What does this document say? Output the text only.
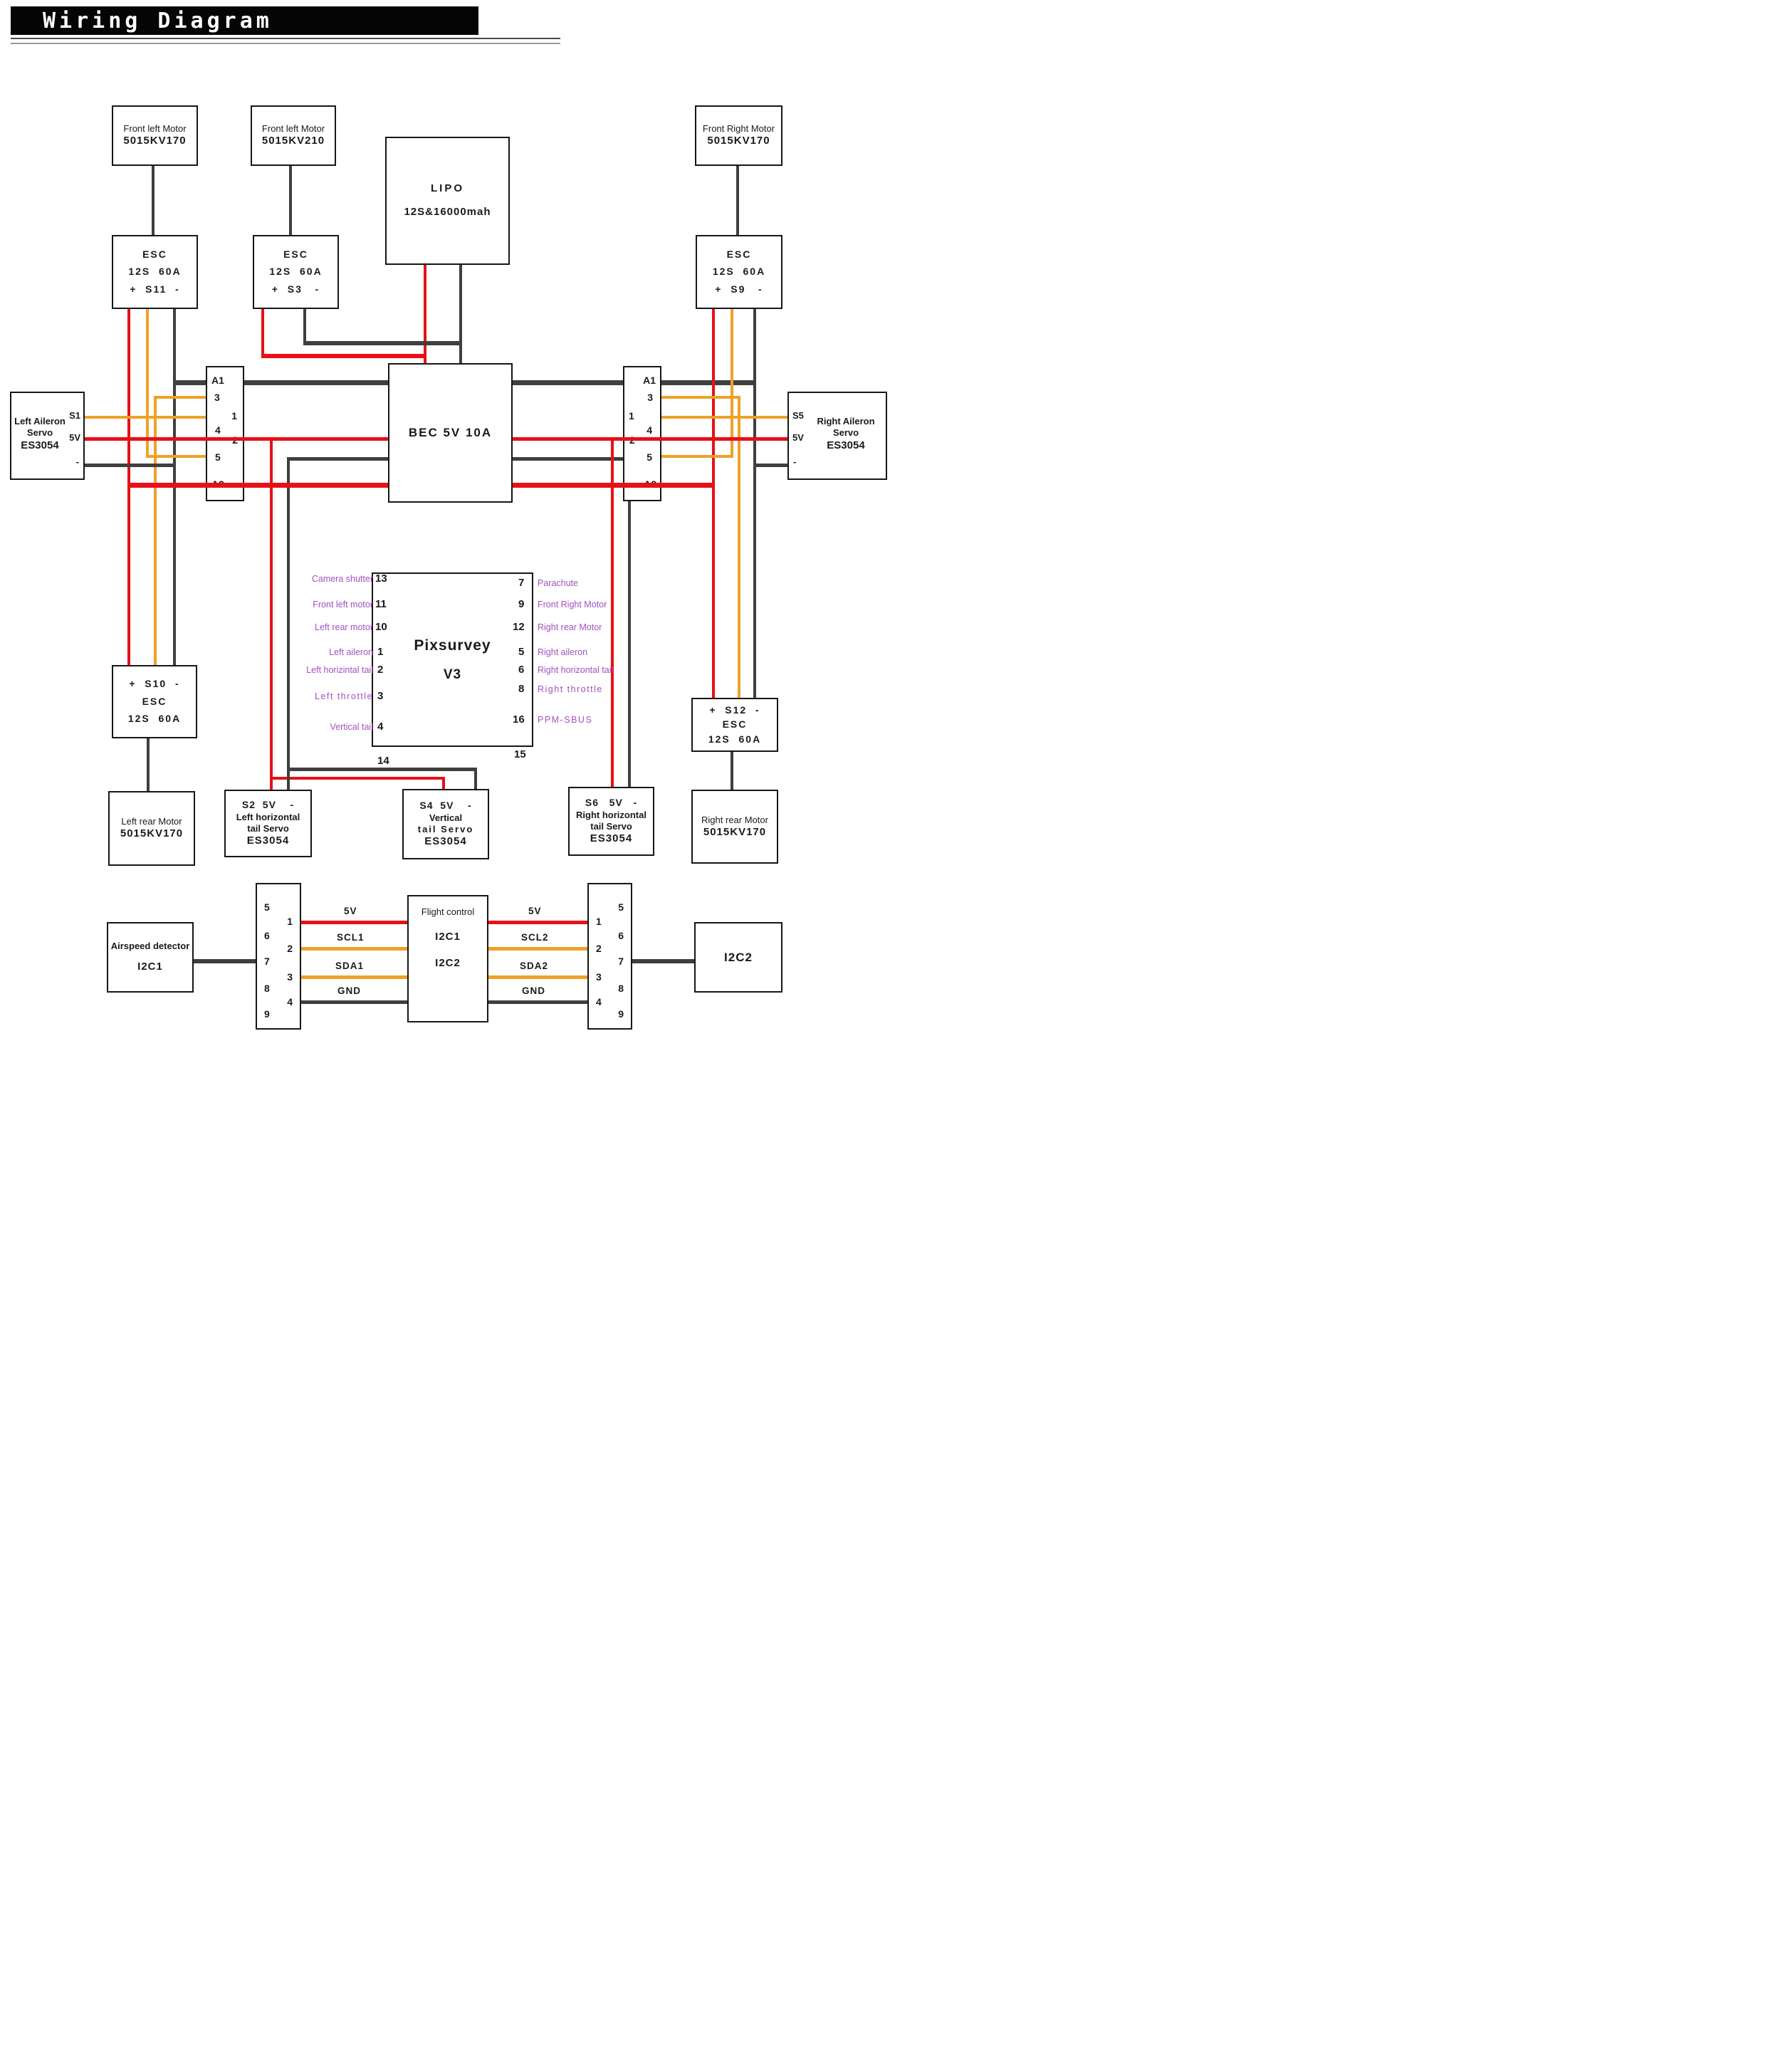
A1
3
1
4
5
A1
3
1
4
5
Wiring Diagram
Front left Motor
5015KV170
Front left Motor
5015KV210
LIPO
12S&16000mah
Front Right Motor
5015KV170
ESC
12S  60A
+  S11  -
ESC
12S  60A
+  S3   -
ESC
12S  60A
+  S9   -
BEC 5V 10A
Left Aileron
Servo
ES3054
S1
5V
-
Right Aileron
Servo
ES3054
S5
5V
-
Pixsurvey
V3
13
11
10
1
2
3
4
Camera shutter
Front left motor
Left rear motor
Left aileron
Left horizintal tail
Left throttle
Vertical tail
7
9
12
5
6
8
16
Parachute
Front Right Motor
Right rear Motor
Right aileron
Right horizontal tail
Right throttle
PPM-SBUS
15
14
+  S10  -
ESC
12S  60A
+  S12  -
ESC
12S  60A
Left rear Motor
5015KV170
Right rear Motor
5015KV170
S2  5V    -
Left horizontal
tail Servo
ES3054
S4  5V    -
Vertical
tail Servo
ES3054
S6   5V   -
Right horizontal
tail Servo
ES3054
Airspeed detector
I2C1
5
1
6
2
7
3
8
4
9
5V
SCL1
SDA1
GND
Flight control
I2C1
I2C2
5V
SCL2
SDA2
GND
5
1
6
2
7
3
8
4
9
I2C2
